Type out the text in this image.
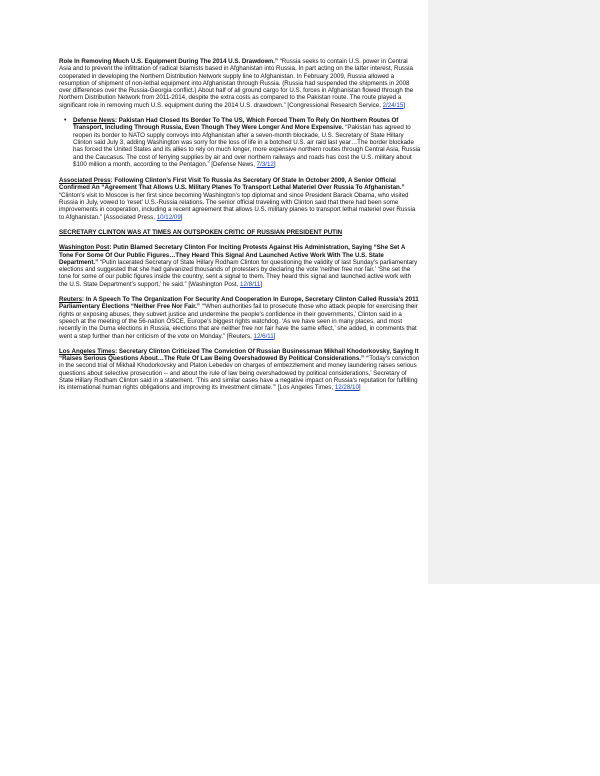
Role In Removing Much U.S. Equipment During The 2014 U.S. Drawdown.” “Russia seeks to contain U.S. power in Central Asia and to prevent the infiltration of radical Islamists based in Afghanistan into Russia. In part acting on the latter interest, Russia cooperated in developing the Northern Distribution Network supply line to Afghanistan. In February 2009, Russia allowed a resumption of shipment of non-lethal equipment into Afghanistan through Russia. (Russia had suspended the shipments in 2008 over differences over the Russia-Georgia conflict.) About half of all ground cargo for U.S. forces in Afghanistan flowed through the Northern Distribution Network from 2011-2014, despite the extra costs as compared to the Pakistan route. The route played a significant role in removing much U.S. equipment during the 2014 U.S. drawdown.” [Congressional Research Service, 2/24/15]

• Defense News: Pakistan Had Closed Its Border To The US, Which Forced Them To Rely On Northern Routes Of Transport, Including Through Russia, Even Though They Were Longer And More Expensive. “Pakistan has agreed to reopen its border to NATO supply convoys into Afghanistan after a seven-month blockade, U.S. Secretary of State Hillary Clinton said July 3, adding Washington was sorry for the loss of life in a botched U.S. air raid last year…The border blockade has forced the United States and its allies to rely on much longer, more expensive northern routes through Central Asia, Russia and the Caucasus. The cost of ferrying supplies by air and over northern railways and roads has cost the U.S. military about $100 million a month, according to the Pentagon.” [Defense News, 7/3/12]

Associated Press: Following Clinton’s First Visit To Russia As Secretary Of State In October 2009, A Senior Official Confirmed An “Agreement That Allows U.S. Military Planes To Transport Lethal Materiel Over Russia To Afghanistan.” “Clinton's visit to Moscow is her first since becoming Washington's top diplomat and since President Barack Obama, who visited Russia in July, vowed to 'reset' U.S.-Russia relations. The senior official traveling with Clinton said that there had been some improvements in cooperation, including a recent agreement that allows U.S. military planes to transport lethal materiel over Russia to Afghanistan.” [Associated Press, 10/12/09]

SECRETARY CLINTON WAS AT TIMES AN OUTSPOKEN CRITIC OF RUSSIAN PRESIDENT PUTIN

Washington Post: Putin Blamed Secretary Clinton For Inciting Protests Against His Administration, Saying “She Set A Tone For Some Of Our Public Figures…They Heard This Signal And Launched Active Work With The U.S. State Department.” “Putin lacerated Secretary of State Hillary Rodham Clinton for questioning the validity of last Sunday’s parliamentary elections and suggested that she had galvanized thousands of protesters by declaring the vote ‘neither free nor fair.’ ‘She set the tone for some of our public figures inside the country, sent a signal to them. They heard this signal and launched active work with the U.S. State Department’s support,’ he said.” [Washington Post, 12/8/11]

Reuters: In A Speech To The Organization For Security And Cooperation In Europe, Secretary Clinton Called Russia’s 2011 Parliamentary Elections “Neither Free Nor Fair.” “‘When authorities fail to prosecute those who attack people for exercising their rights or exposing abuses, they subvert justice and undermine the people's confidence in their governments,’ Clinton said in a speech at the meeting of the 56-nation OSCE, Europe's biggest rights watchdog. ‘As we have seen in many places, and most recently in the Duma elections in Russia, elections that are neither free nor fair have the same effect,’ she added, in comments that went a step further than her criticism of the vote on Monday.” [Reuters, 12/6/11]

Los Angeles Times: Secretary Clinton Criticized The Conviction Of Russian Businessman Mikhail Khodorkovsky, Saying It “Raises Serious Questions About…The Rule Of Law Being Overshadowed By Political Considerations.” “‘Today's conviction in the second trial of Mikhail Khodorkovsky and Platon Lebedev on charges of embezzlement and money laundering raises serious questions about selective prosecution -- and about the rule of law being overshadowed by political considerations,’ Secretary of State Hillary Rodham Clinton said in a statement. ‘This and similar cases have a negative impact on Russia's reputation for fulfilling its international human rights obligations and improving its investment climate.’” [Los Angeles Times, 12/28/10]
